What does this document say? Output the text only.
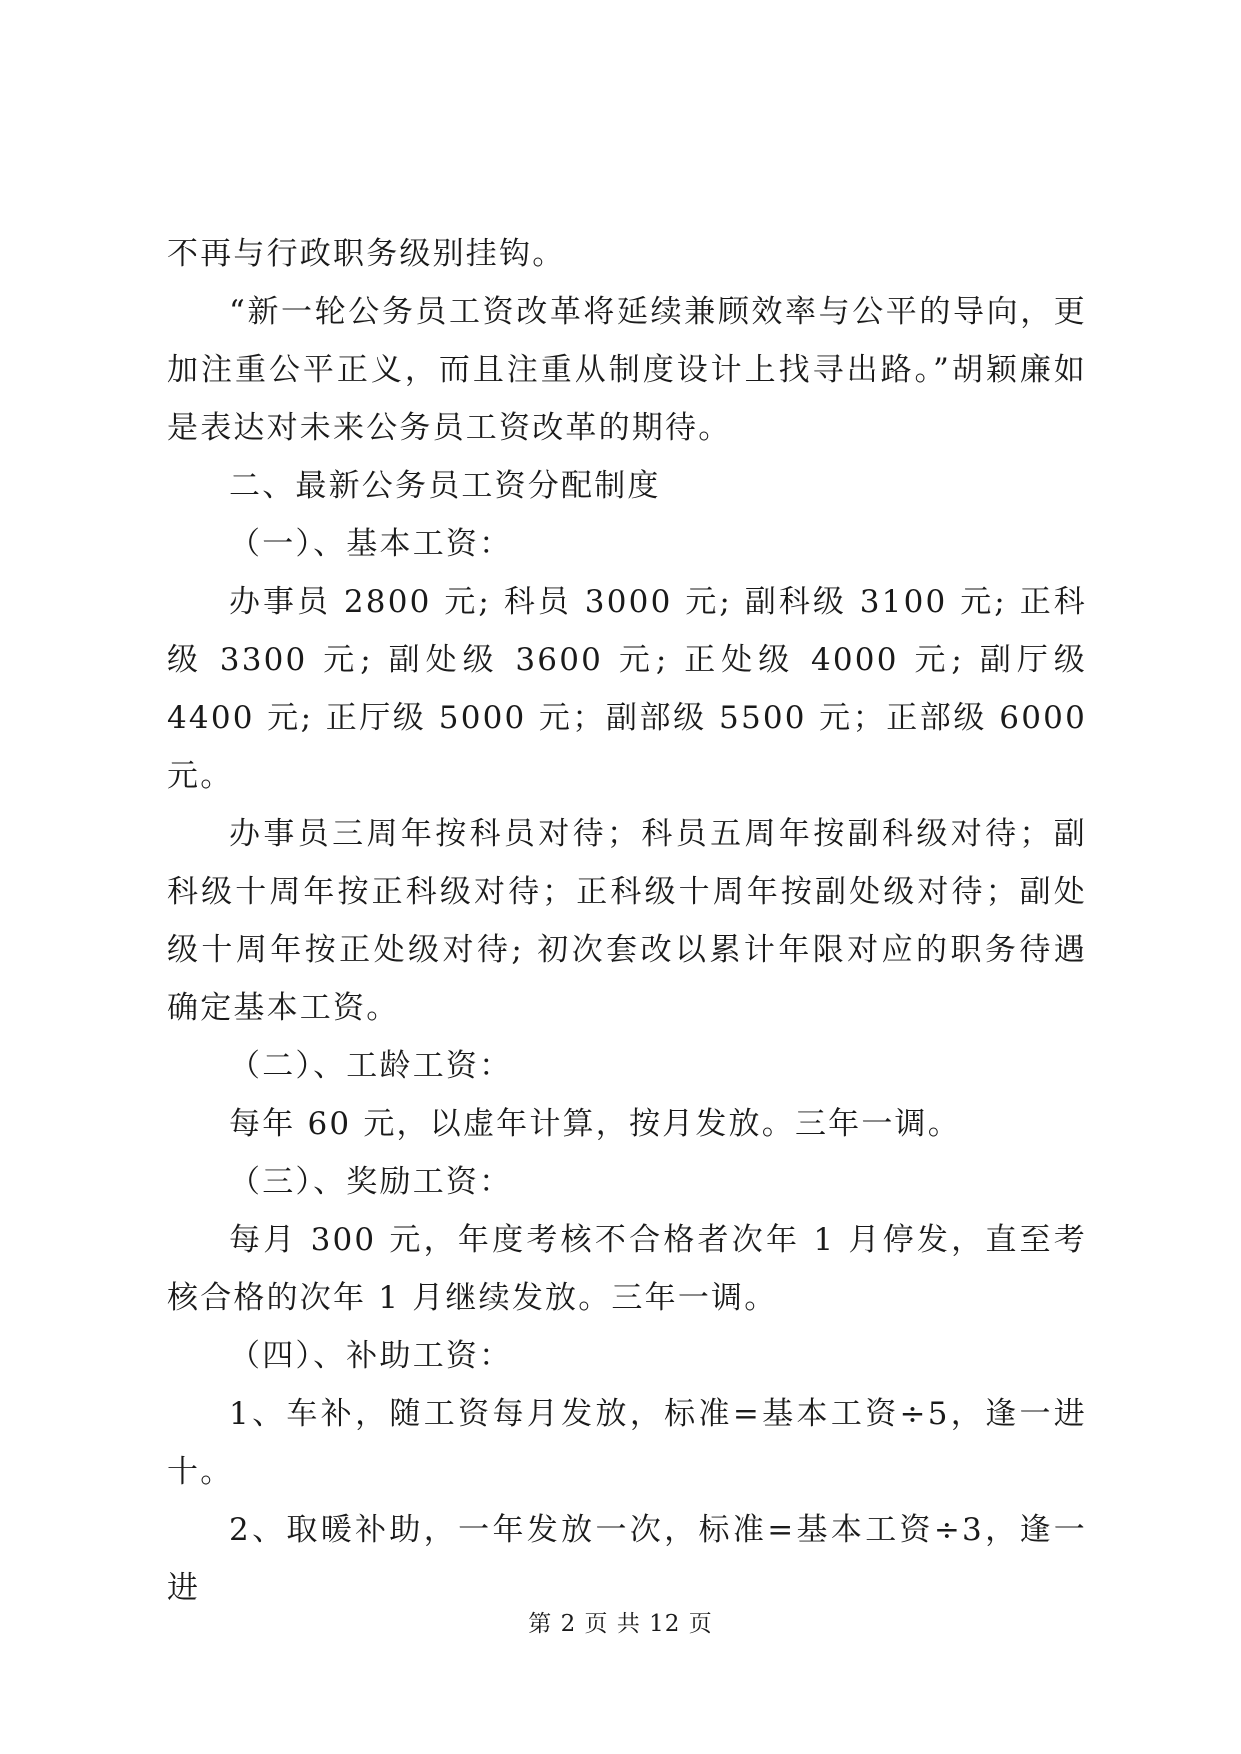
不再与行政职务级别挂钩。

“新一轮公务员工资改革将延续兼顾效率与公平的导向，更加注重公平正义，而且注重从制度设计上找寻出路。”胡颖廉如是表达对未来公务员工资改革的期待。

二、最新公务员工资分配制度

（一）、基本工资：

办事员 2800 元; 科员 3000 元; 副科级 3100 元; 正科级 3300 元; 副处级 3600 元; 正处级 4000 元; 副厅级 4400 元; 正厅级 5000 元；副部级 5500 元；正部级 6000 元。

办事员三周年按科员对待；科员五周年按副科级对待；副科级十周年按正科级对待；正科级十周年按副处级对待；副处级十周年按正处级对待; 初次套改以累计年限对应的职务待遇确定基本工资。

（二）、工龄工资：

每年 60 元，以虚年计算，按月发放。三年一调。

（三）、奖励工资：

每月 300 元，年度考核不合格者次年 1 月停发，直至考核合格的次年 1 月继续发放。三年一调。

（四）、补助工资：

1、车补，随工资每月发放，标准=基本工资÷5，逢一进十。

2、取暖补助，一年发放一次，标准=基本工资÷3，逢一进

第 2 页 共 12 页
